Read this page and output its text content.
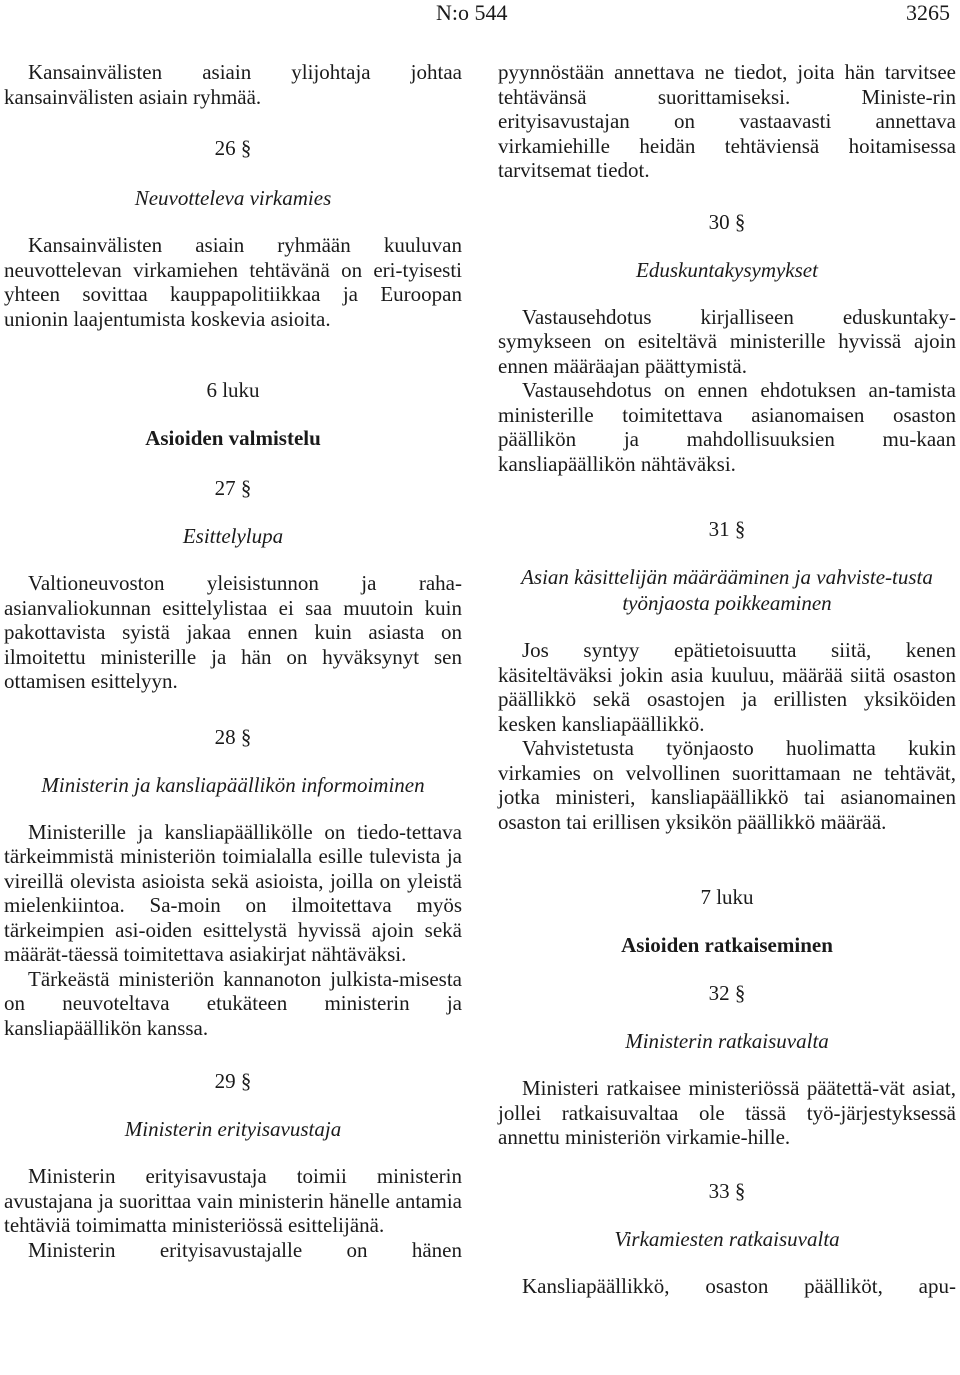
N:o 544	3265

Kansainvälisten asiain ylijohtaja johtaa kansainvälisten asiain ryhmää.

26 §
Neuvotteleva virkamies

Kansainvälisten asiain ryhmään kuuluvan neuvottelevan virkamiehen tehtävänä on eri-tyisesti yhteen sovittaa kauppapolitiikkaa ja Euroopan unionin laajentumista koskevia asioita.

6 luku
Asioiden valmistelu
27 §
Esittelylupa

Valtioneuvoston yleisistunnon ja raha-asianvaliokunnan esittelylistaa ei saa muutoin kuin pakottavista syistä jakaa ennen kuin asiasta on ilmoitettu ministerille ja hän on hyväksynyt sen ottamisen esittelyyn.

28 §
Ministerin ja kansliapäällikön informoiminen

Ministerille ja kansliapäällikölle on tiedo-tettava tärkeimmistä ministeriön toimialalla esille tulevista ja vireillä olevista asioista sekä asioista, joilla on yleistä mielenkiintoa. Sa-moin on ilmoitettava myös tärkeimpien asi-oiden esittelystä hyvissä ajoin sekä määrät-täessä toimitettava asiakirjat nähtäväksi.

Tärkeästä ministeriön kannanoton julkista-misesta on neuvoteltava etukäteen ministerin ja kansliapäällikön kanssa.

29 §
Ministerin erityisavustaja

Ministerin erityisavustaja toimii ministerin avustajana ja suorittaa vain ministerin hänelle antamia tehtäviä toimimatta ministeriössä esittelijänä.

Ministerin erityisavustajalle on hänen

pyynnöstään annettava ne tiedot, joita hän tarvitsee tehtävänsä suorittamiseksi. Ministe-rin erityisavustajan on vastaavasti annettava virkamiehille heidän tehtäviensä hoitamisessa tarvitsemat tiedot.

30 §
Eduskuntakysymykset

Vastausehdotus kirjalliseen eduskuntaky-symykseen on esiteltävä ministerille hyvissä ajoin ennen määräajan päättymistä.

Vastausehdotus on ennen ehdotuksen an-tamista ministerille toimitettava asianomaisen osaston päällikön ja mahdollisuuksien mu-kaan kansliapäällikön nähtäväksi.

31 §
Asian käsittelijän määrääminen ja vahviste-tusta työnjaosta poikkeaminen

Jos syntyy epätietoisuutta siitä, kenen käsiteltäväksi jokin asia kuuluu, määrää siitä osaston päällikkö sekä osastojen ja erillisten yksiköiden kesken kansliapäällikkö.

Vahvistetusta työnjaosto huolimatta kukin virkamies on velvollinen suorittamaan ne tehtävät, jotka ministeri, kansliapäällikkö tai asianomainen osaston tai erillisen yksikön päällikkö määrää.

7 luku
Asioiden ratkaiseminen
32 §
Ministerin ratkaisuvalta

Ministeri ratkaisee ministeriössä päätettä-vät asiat, jollei ratkaisuvaltaa ole tässä työ-järjestyksessä annettu ministeriön virkamie-hille.

33 §
Virkamiesten ratkaisuvalta

Kansliapäällikkö, osaston päälliköt, apu-
